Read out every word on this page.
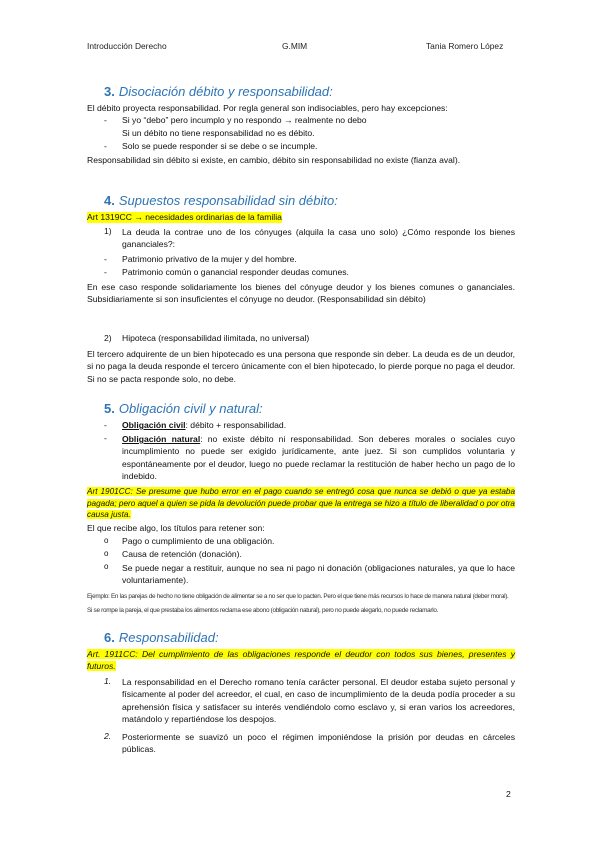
Introducción Derecho	G.MIM	Tania Romero López
3. Disociación débito y responsabilidad:
El débito proyecta responsabilidad. Por regla general son indisociables, pero hay excepciones:
- Si yo “debo” pero incumplo y no respondo → realmente no debo
Si un débito no tiene responsabilidad no es débito.
- Solo se puede responder si se debe o se incumple.
Responsabilidad sin débito si existe, en cambio, débito sin responsabilidad no existe (fianza aval).
4. Supuestos responsabilidad sin débito:
Art 1319CC → necesidades ordinarias de la familia
1) La deuda la contrae uno de los cónyuges (alquila la casa uno solo) ¿Cómo responde los bienes gananciales?:
- Patrimonio privativo de la mujer y del hombre.
- Patrimonio común o ganancial responder deudas comunes.
En ese caso responde solidariamente los bienes del cónyuge deudor y los bienes comunes o gananciales. Subsidiariamente si son insuficientes el cónyuge no deudor. (Responsabilidad sin débito)
2) Hipoteca (responsabilidad ilimitada, no universal)
El tercero adquirente de un bien hipotecado es una persona que responde sin deber. La deuda es de un deudor, si no paga la deuda responde el tercero únicamente con el bien hipotecado, lo pierde porque no paga el deudor. Si no se pacta responde solo, no debe.
5. Obligación civil y natural:
- Obligación civil: débito + responsabilidad.
- Obligación natural: no existe débito ni responsabilidad. Son deberes morales o sociales cuyo incumplimiento no puede ser exigido jurídicamente, ante juez. Si son cumplidos voluntaria y espontáneamente por el deudor, luego no puede reclamar la restitución de haber hecho un pago de lo indebido.
Art 1901CC: Se presume que hubo error en el pago cuando se entregó cosa que nunca se debió o que ya estaba pagada; pero aquel a quien se pida la devolución puede probar que la entrega se hizo a título de liberalidad o por otra causa justa.
El que recibe algo, los títulos para retener son:
o Pago o cumplimiento de una obligación.
o Causa de retención (donación).
o Se puede negar a restituir, aunque no sea ni pago ni donación (obligaciones naturales, ya que lo hace voluntariamente).
Ejemplo: En las parejas de hecho no tiene obligación de alimentar se a no ser que lo pacten. Pero el que tiene más recursos lo hace de manera natural (deber moral).
Si se rompe la pareja, el que prestaba los alimentos reclama ese abono (obligación natural), pero no puede alegarlo, no puede reclamarlo.
6. Responsabilidad:
Art. 1911CC: Del cumplimiento de las obligaciones responde el deudor con todos sus bienes, presentes y futuros.
1. La responsabilidad en el Derecho romano tenía carácter personal. El deudor estaba sujeto personal y físicamente al poder del acreedor, el cual, en caso de incumplimiento de la deuda podía proceder a su aprehensión física y satisfacer su interés vendiéndolo como esclavo y, si eran varios los acreedores, matándolo y repartiéndose los despojos.
2. Posteriormente se suavizó un poco el régimen imponiéndose la prisión por deudas en cárceles públicas.
2
